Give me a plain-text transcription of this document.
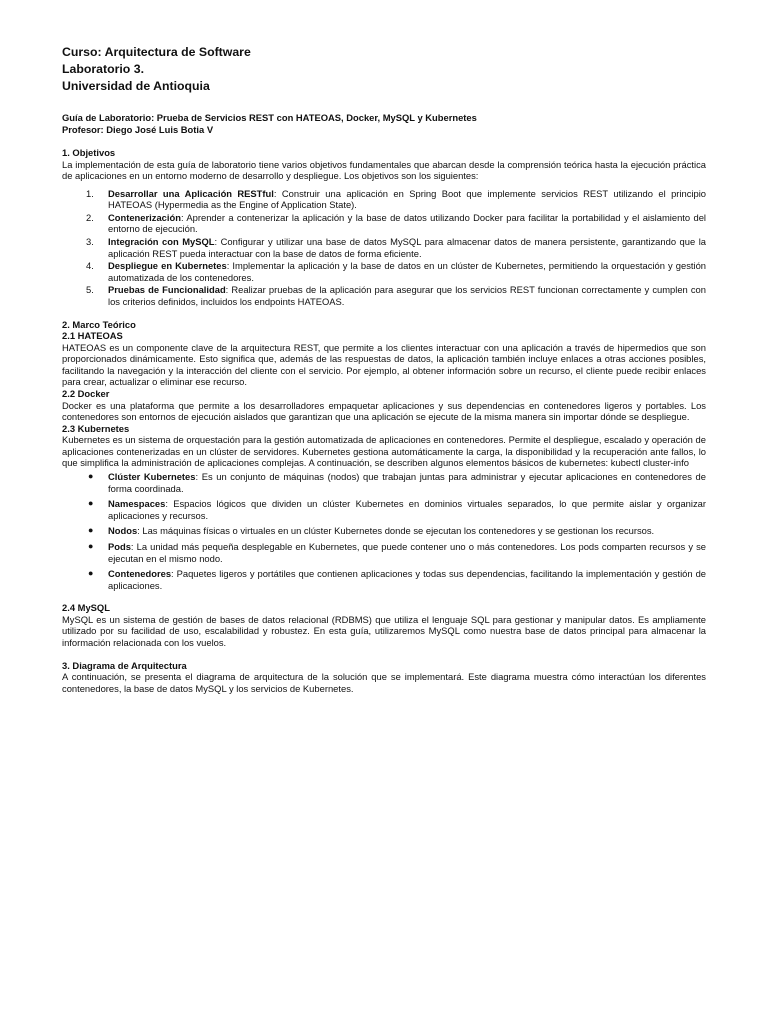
Curso: Arquitectura de Software
Laboratorio 3.
Universidad de Antioquia
Guía de Laboratorio: Prueba de Servicios REST con HATEOAS, Docker, MySQL y Kubernetes
Profesor: Diego José Luis Botia V
1. Objetivos

La implementación de esta guía de laboratorio tiene varios objetivos fundamentales que abarcan desde la comprensión teórica hasta la ejecución práctica de aplicaciones en un entorno moderno de desarrollo y despliegue. Los objetivos son los siguientes:

1.	Desarrollar una Aplicación RESTful: Construir una aplicación en Spring Boot que implemente servicios REST utilizando el principio HATEOAS (Hypermedia as the Engine of Application State).
2.	Contenerización: Aprender a contenerizar la aplicación y la base de datos utilizando Docker para facilitar la portabilidad y el aislamiento del entorno de ejecución.
3.	Integración con MySQL: Configurar y utilizar una base de datos MySQL para almacenar datos de manera persistente, garantizando que la aplicación REST pueda interactuar con la base de datos de forma eficiente.
4.	Despliegue en Kubernetes: Implementar la aplicación y la base de datos en un clúster de Kubernetes, permitiendo la orquestación y gestión automatizada de los contenedores.
5.	Pruebas de Funcionalidad: Realizar pruebas de la aplicación para asegurar que los servicios REST funcionan correctamente y cumplen con los criterios definidos, incluidos los endpoints HATEOAS.
2. Marco Teórico
2.1 HATEOAS

HATEOAS es un componente clave de la arquitectura REST, que permite a los clientes interactuar con una aplicación a través de hipermedios que son proporcionados dinámicamente. Esto significa que, además de las respuestas de datos, la aplicación también incluye enlaces a otras acciones posibles, facilitando la navegación y la interacción del cliente con el servicio. Por ejemplo, al obtener información sobre un recurso, el cliente puede recibir enlaces para crear, actualizar o eliminar ese recurso.

2.2 Docker

Docker es una plataforma que permite a los desarrolladores empaquetar aplicaciones y sus dependencias en contenedores ligeros y portables. Los contenedores son entornos de ejecución aislados que garantizan que una aplicación se ejecute de la misma manera sin importar dónde se despliegue.

2.3 Kubernetes

Kubernetes es un sistema de orquestación para la gestión automatizada de aplicaciones en contenedores. Permite el despliegue, escalado y operación de aplicaciones contenerizadas en un clúster de servidores. Kubernetes gestiona automáticamente la carga, la disponibilidad y la recuperación ante fallos, lo que simplifica la administración de aplicaciones complejas. A continuación, se describen algunos elementos básicos de kubernetes: kubectl cluster-info

●	Clúster Kubernetes: Es un conjunto de máquinas (nodos) que trabajan juntas para administrar y ejecutar aplicaciones en contenedores de forma coordinada.
●	Namespaces: Espacios lógicos que dividen un clúster Kubernetes en dominios virtuales separados, lo que permite aislar y organizar aplicaciones y recursos.
●	Nodos: Las máquinas físicas o virtuales en un clúster Kubernetes donde se ejecutan los contenedores y se gestionan los recursos.
●	Pods: La unidad más pequeña desplegable en Kubernetes, que puede contener uno o más contenedores. Los pods comparten recursos y se ejecutan en el mismo nodo.
●	Contenedores: Paquetes ligeros y portátiles que contienen aplicaciones y todas sus dependencias, facilitando la implementación y gestión de aplicaciones.
2.4 MySQL

MySQL es un sistema de gestión de bases de datos relacional (RDBMS) que utiliza el lenguaje SQL para gestionar y manipular datos. Es ampliamente utilizado por su facilidad de uso, escalabilidad y robustez. En esta guía, utilizaremos MySQL como nuestra base de datos principal para almacenar la información relacionada con los vuelos.

3. Diagrama de Arquitectura

A continuación, se presenta el diagrama de arquitectura de la solución que se implementará. Este diagrama muestra cómo interactúan los diferentes contenedores, la base de datos MySQL y los servicios de Kubernetes.
